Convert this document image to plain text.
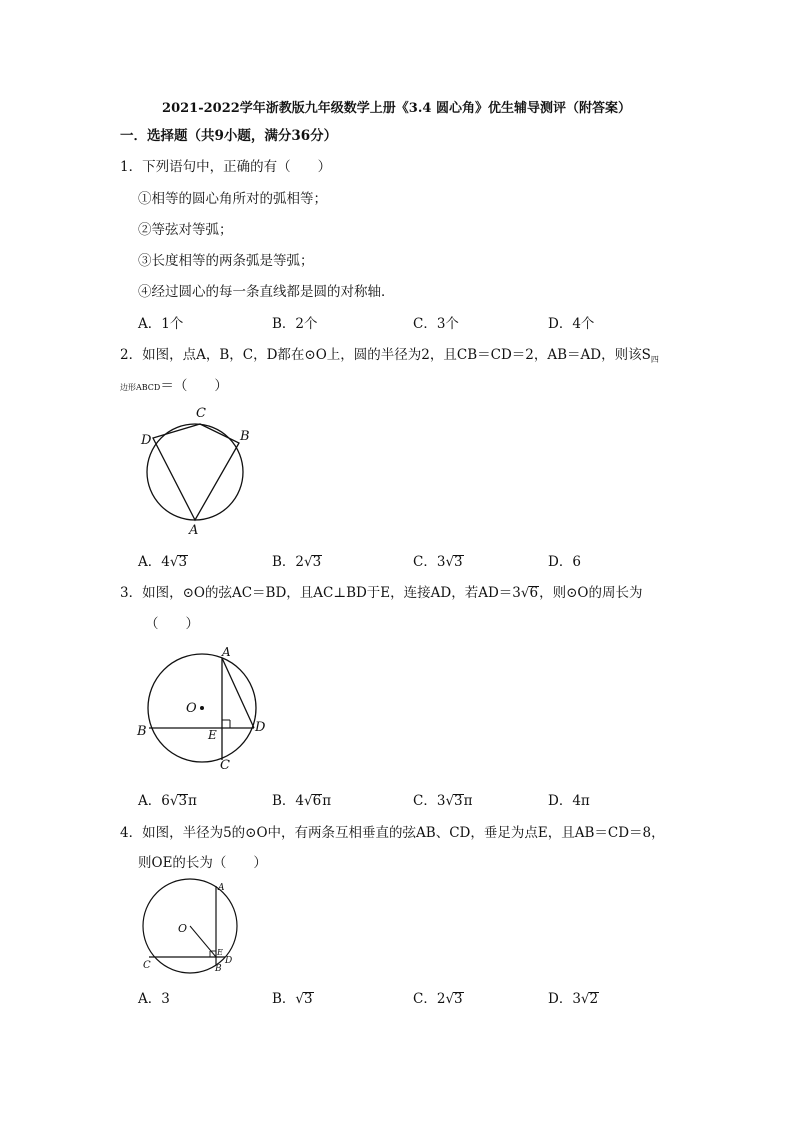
2021-2022学年浙教版九年级数学上册《3.4 圆心角》优生辅导测评（附答案）
一．选择题（共9小题，满分36分）
1．下列语句中，正确的有（　　）
①相等的圆心角所对的弧相等；
②等弦对等弧；
③长度相等的两条弧是等弧；
④经过圆心的每一条直线都是圆的对称轴．
A．1个	B．2个	C．3个	D．4个
2．如图，点A，B，C，D都在⊙O上，圆的半径为2，且CB＝CD＝2，AB＝AD，则该$S_四$
边形ABCD＝（　　）
C
D	B
A
A．4√3	B．2√3	C．3√3	D．6
3．如图，⊙O的弦AC＝BD，且AC⊥BD于E，连接AD，若AD＝3√6，则⊙O的周长为
（　　）
O
A
B	D
E
C
A．6√3π	B．4√6π	C．3√3π	D．4π
4．如图，半径为5的⊙O中，有两条互相垂直的弦AB、CD，垂足为点E，且AB＝CD＝8，
则OE的长为（　　）
A
O
C
E
D
B
A．3	B．√3	C．2√3	D．3√2
